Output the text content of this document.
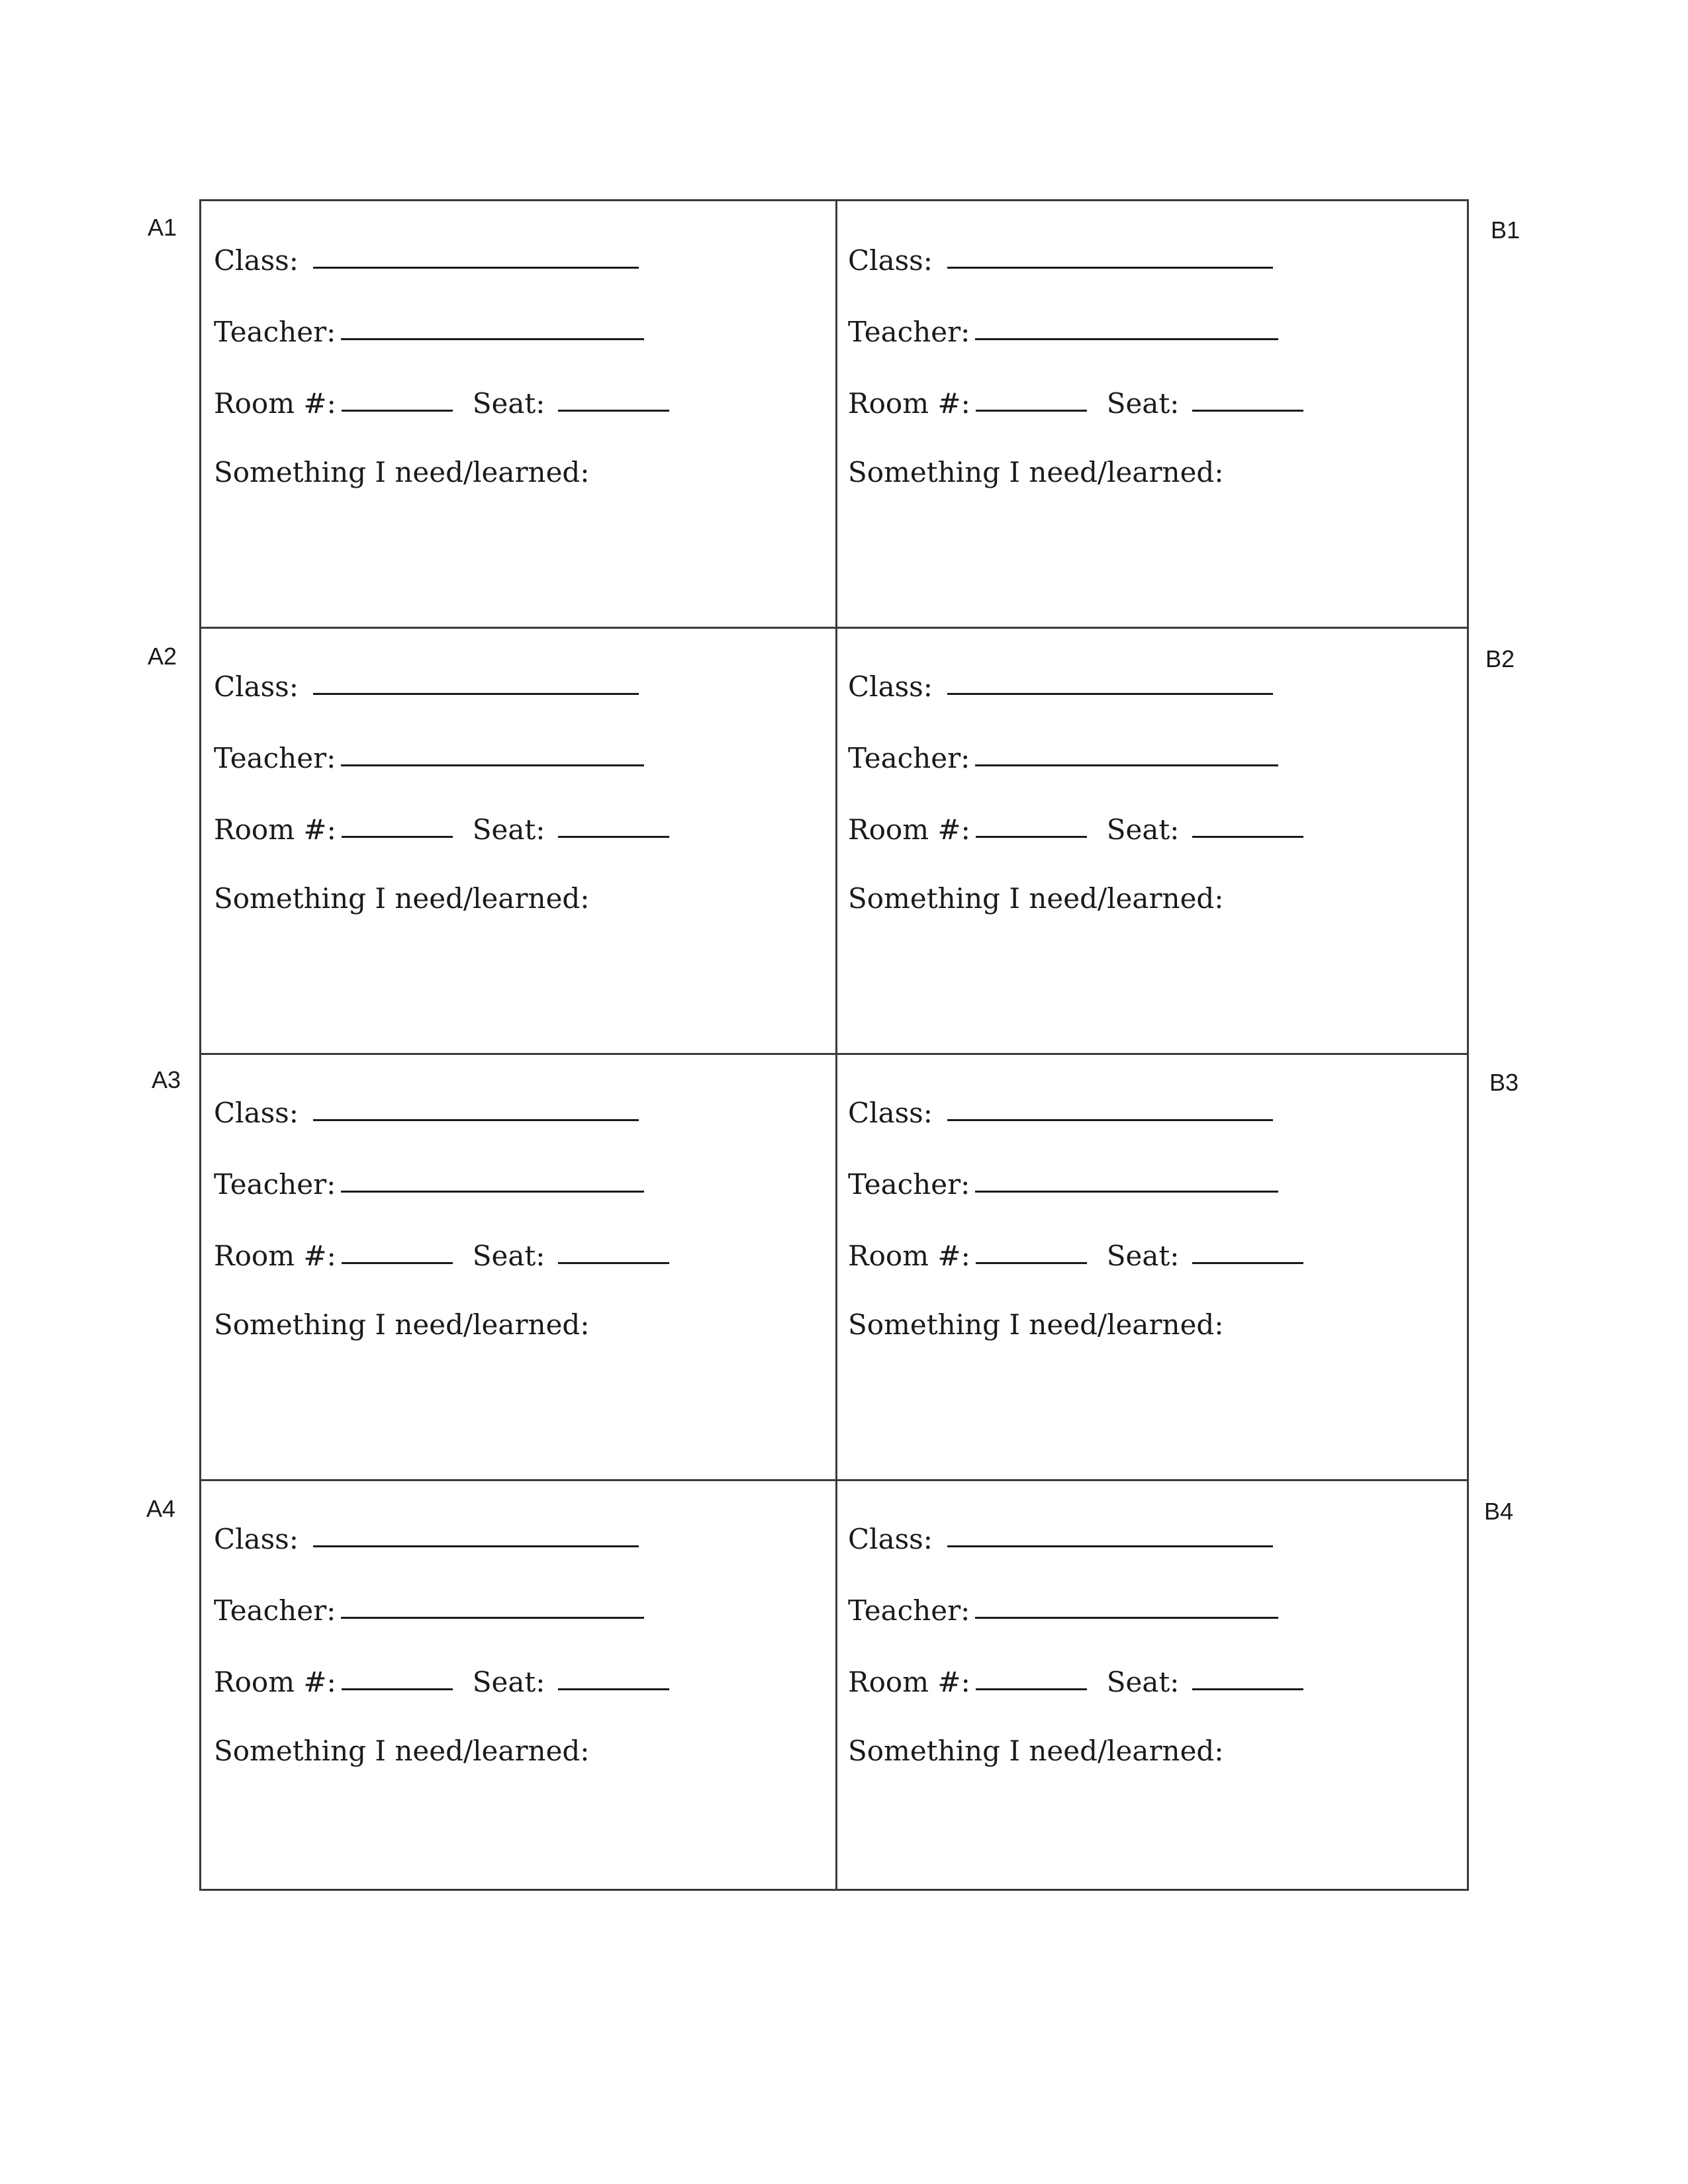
A1
A2
A3
A4
B1
B2
B3
B4
Class:
Teacher:
Room #:	Seat:
Something I need/learned:
Class:
Teacher:
Room #:	Seat:
Something I need/learned:
Class:
Teacher:
Room #:	Seat:
Something I need/learned:
Class:
Teacher:
Room #:	Seat:
Something I need/learned:
Class:
Teacher:
Room #:	Seat:
Something I need/learned:
Class:
Teacher:
Room #:	Seat:
Something I need/learned:
Class:
Teacher:
Room #:	Seat:
Something I need/learned:
Class:
Teacher:
Room #:	Seat:
Something I need/learned:
